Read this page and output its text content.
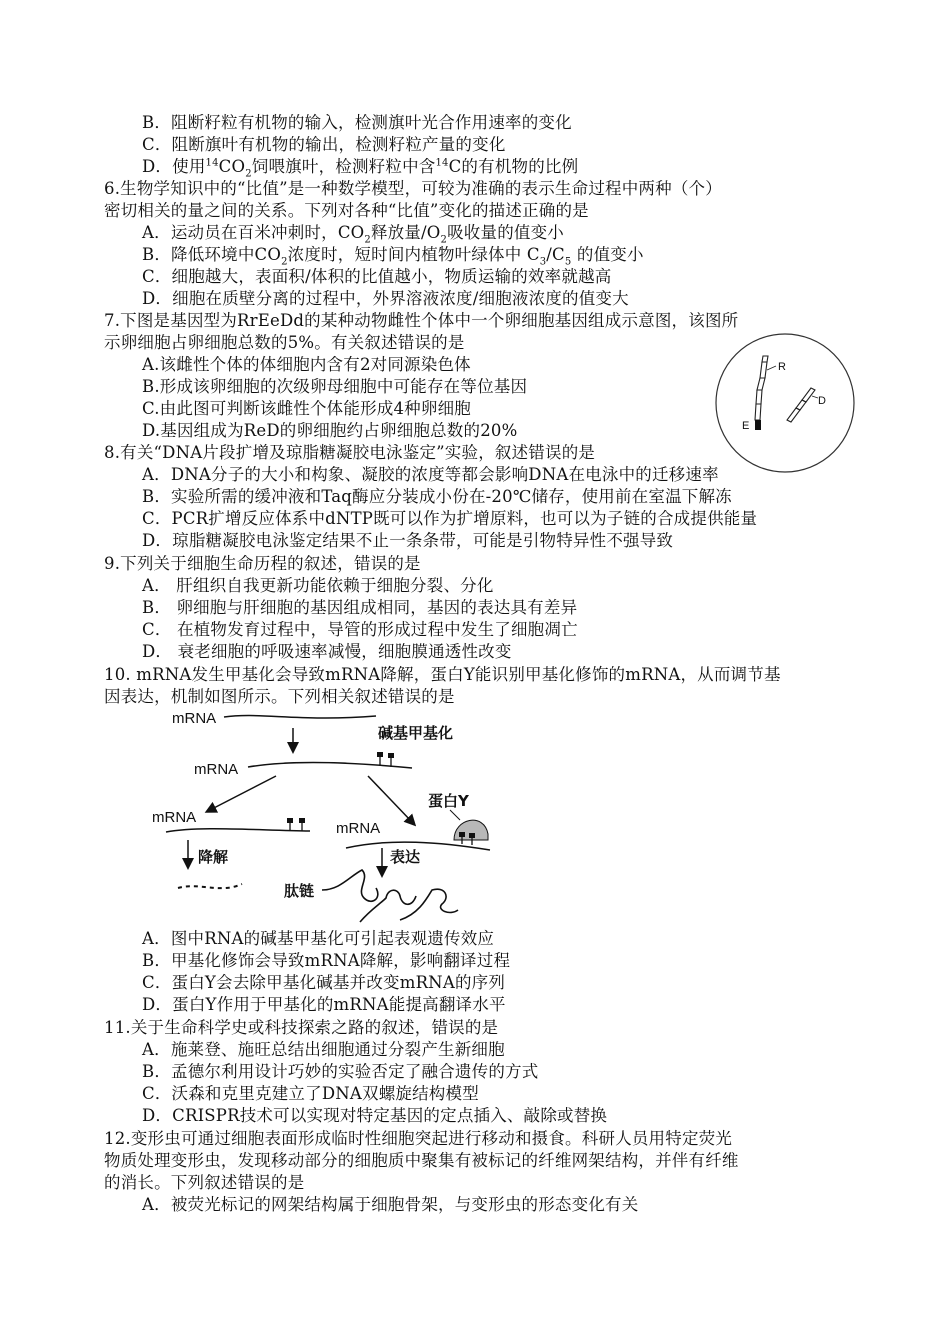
B．阻断籽粒有机物的输入，检测旗叶光合作用速率的变化
C．阻断旗叶有机物的输出，检测籽粒产量的变化
D．使用$^{14}CO_2$饲喂旗叶，检测籽粒中含$^{14}$C的有机物的比例
6.生物学知识中的“比值”是一种数学模型，可较为准确的表示生命过程中两种（个）
密切相关的量之间的关系。下列对各种“比值”变化的描述正确的是
A．运动员在百米冲刺时，$CO_2$释放量$/O_2$吸收量的值变小
B．降低环境中$CO_2$浓度时，短时间内植物叶绿体中 $C_3/C_5$ 的值变小
C．细胞越大，表面积/体积的比值越小，物质运输的效率就越高
D．细胞在质壁分离的过程中，外界溶液浓度/细胞液浓度的值变大
7.下图是基因型为RrEeDd的某种动物雌性个体中一个卵细胞基因组成示意图，该图所
示卵细胞占卵细胞总数的5%。有关叙述错误的是
A.该雌性个体的体细胞内含有2对同源染色体
B.形成该卵细胞的次级卵母细胞中可能存在等位基因
C.由此图可判断该雌性个体能形成4种卵细胞
D.基因组成为ReD的卵细胞约占卵细胞总数的20%
R
E
D
8.有关“DNA片段扩增及琼脂糖凝胶电泳鉴定”实验，叙述错误的是
A．DNA分子的大小和构象、凝胶的浓度等都会影响DNA在电泳中的迁移速率
B．实验所需的缓冲液和Taq酶应分装成小份在-20℃储存，使用前在室温下解冻
C．PCR扩增反应体系中dNTP既可以作为扩增原料，也可以为子链的合成提供能量
D．琼脂糖凝胶电泳鉴定结果不止一条条带，可能是引物特异性不强导致
9.下列关于细胞生命历程的叙述，错误的是
A． 肝组织自我更新功能依赖于细胞分裂、分化
B． 卵细胞与肝细胞的基因组成相同，基因的表达具有差异
C． 在植物发育过程中，导管的形成过程中发生了细胞凋亡
D． 衰老细胞的呼吸速率减慢，细胞膜通透性改变
10. mRNA发生甲基化会导致mRNA降解，蛋白Y能识别甲基化修饰的mRNA，从而调节基
因表达，机制如图所示。下列相关叙述错误的是
mRNA
碱基甲基化
mRNA
mRNA
降解
mRNA
蛋白Y
表达
肽链
A．图中RNA的碱基甲基化可引起表观遗传效应
B．甲基化修饰会导致mRNA降解，影响翻译过程
C．蛋白Y会去除甲基化碱基并改变mRNA的序列
D．蛋白Y作用于甲基化的mRNA能提高翻译水平
11.关于生命科学史或科技探索之路的叙述，错误的是
A．施莱登、施旺总结出细胞通过分裂产生新细胞
B．孟德尔利用设计巧妙的实验否定了融合遗传的方式
C．沃森和克里克建立了DNA双螺旋结构模型
D．CRISPR技术可以实现对特定基因的定点插入、敲除或替换
12.变形虫可通过细胞表面形成临时性细胞突起进行移动和摄食。科研人员用特定荧光
物质处理变形虫，发现移动部分的细胞质中聚集有被标记的纤维网架结构，并伴有纤维
的消长。下列叙述错误的是
A．被荧光标记的网架结构属于细胞骨架，与变形虫的形态变化有关
